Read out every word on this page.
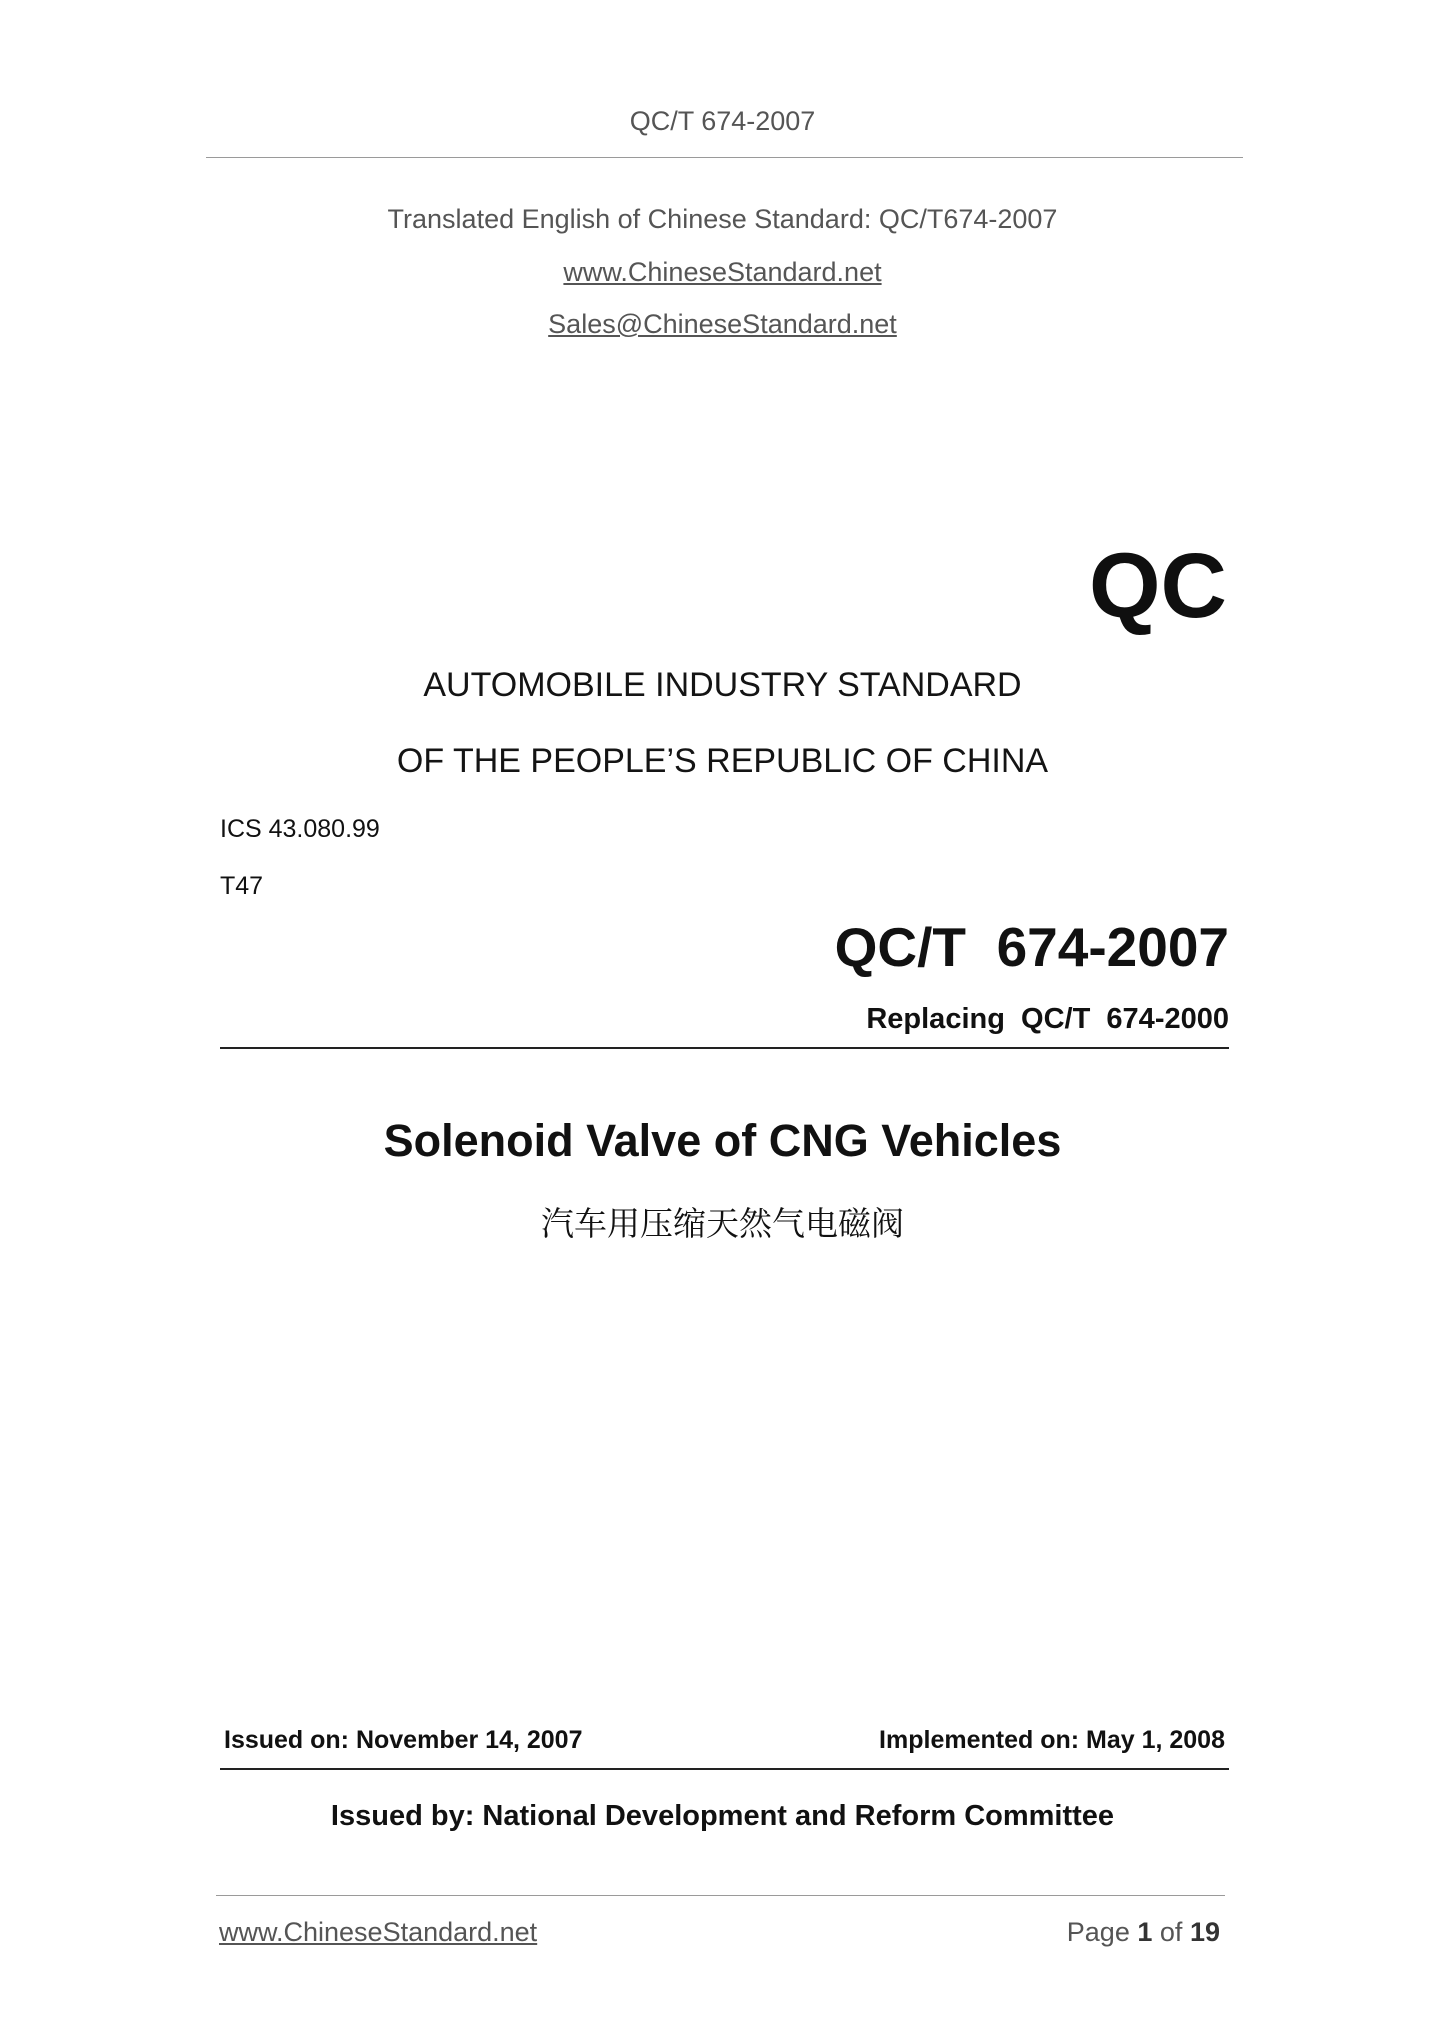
QC/T 674-2007
Translated English of Chinese Standard: QC/T674-2007
www.ChineseStandard.net
Sales@ChineseStandard.net
QC
AUTOMOBILE INDUSTRY STANDARD
OF THE PEOPLE’S REPUBLIC OF CHINA
ICS 43.080.99
T47
QC/T  674-2007
Replacing  QC/T  674-2000
Solenoid Valve of CNG Vehicles
汽车用压缩天然气电磁阀
Issued on: November 14, 2007	Implemented on: May 1, 2008
Issued by: National Development and Reform Committee
www.ChineseStandard.net	Page 1 of 19
